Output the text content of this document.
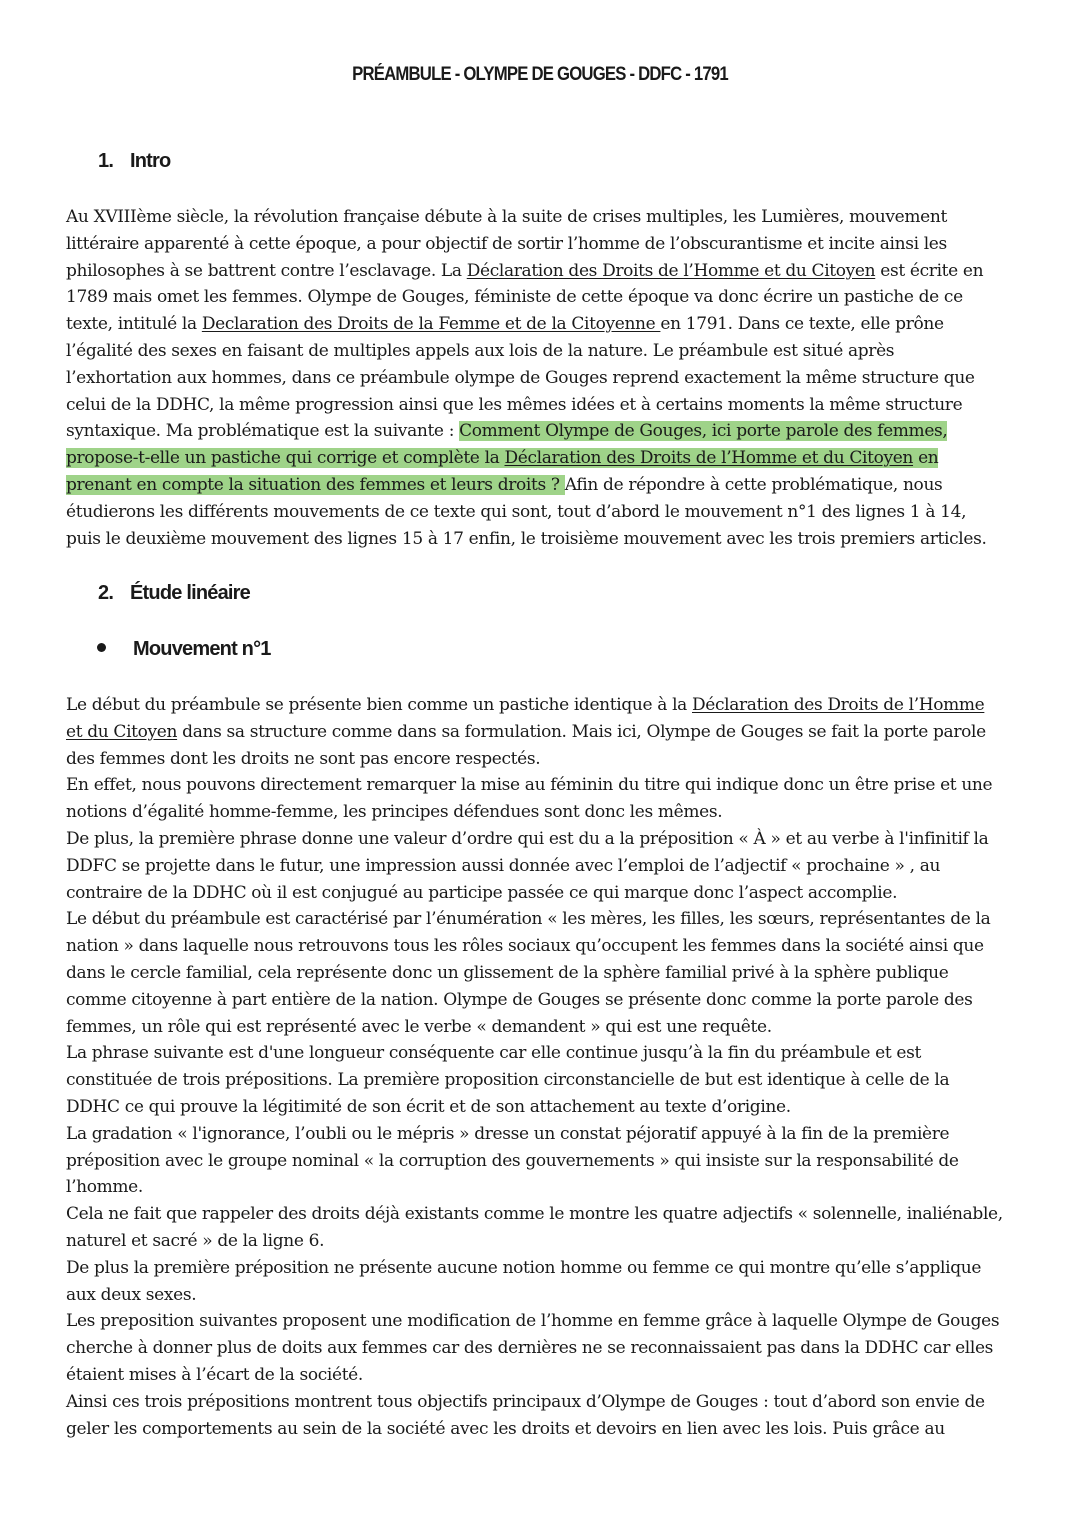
PRÉAMBULE - OLYMPE DE GOUGES - DDFC - 1791
1. Intro
Au XVIIIème siècle, la révolution française débute à la suite de crises multiples, les Lumières, mouvement
littéraire apparenté à cette époque, a pour objectif de sortir l’homme de l’obscurantisme et incite ainsi les
philosophes à se battrent contre l’esclavage. La Déclaration des Droits de l’Homme et du Citoyen est écrite en
1789 mais omet les femmes. Olympe de Gouges, féministe de cette époque va donc écrire un pastiche de ce
texte, intitulé la Declaration des Droits de la Femme et de la Citoyenne en 1791. Dans ce texte, elle prône
l’égalité des sexes en faisant de multiples appels aux lois de la nature. Le préambule est situé après
l’exhortation aux hommes, dans ce préambule olympe de Gouges reprend exactement la même structure que
celui de la DDHC, la même progression ainsi que les mêmes idées et à certains moments la même structure
syntaxique. Ma problématique est la suivante : Comment Olympe de Gouges, ici porte parole des femmes,
propose-t-elle un pastiche qui corrige et complète la Déclaration des Droits de l’Homme et du Citoyen en
prenant en compte la situation des femmes et leurs droits ? Afin de répondre à cette problématique, nous
étudierons les différents mouvements de ce texte qui sont, tout d’abord le mouvement n°1 des lignes 1 à 14,
puis le deuxième mouvement des lignes 15 à 17 enfin, le troisième mouvement avec les trois premiers articles.
2. Étude linéaire
Mouvement n°1
Le début du préambule se présente bien comme un pastiche identique à la Déclaration des Droits de l’Homme
et du Citoyen dans sa structure comme dans sa formulation. Mais ici, Olympe de Gouges se fait la porte parole
des femmes dont les droits ne sont pas encore respectés.
En effet, nous pouvons directement remarquer la mise au féminin du titre qui indique donc un être prise et une
notions d’égalité homme-femme, les principes défendues sont donc les mêmes.
De plus, la première phrase donne une valeur d’ordre qui est du a la préposition « À » et au verbe à l'infinitif la
DDFC se projette dans le futur, une impression aussi donnée avec l’emploi de l’adjectif « prochaine » , au
contraire de la DDHC où il est conjugué au participe passée ce qui marque donc l’aspect accomplie.
Le début du préambule est caractérisé par l’énumération « les mères, les filles, les sœurs, représentantes de la
nation » dans laquelle nous retrouvons tous les rôles sociaux qu’occupent les femmes dans la société ainsi que
dans le cercle familial, cela représente donc un glissement de la sphère familial privé à la sphère publique
comme citoyenne à part entière de la nation. Olympe de Gouges se présente donc comme la porte parole des
femmes, un rôle qui est représenté avec le verbe « demandent » qui est une requête.
La phrase suivante est d'une longueur conséquente car elle continue jusqu’à la fin du préambule et est
constituée de trois prépositions. La première proposition circonstancielle de but est identique à celle de la
DDHC ce qui prouve la légitimité de son écrit et de son attachement au texte d’origine.
La gradation « l'ignorance, l’oubli ou le mépris » dresse un constat péjoratif appuyé à la fin de la première
préposition avec le groupe nominal « la corruption des gouvernements » qui insiste sur la responsabilité de
l’homme.
Cela ne fait que rappeler des droits déjà existants comme le montre les quatre adjectifs « solennelle, inaliénable,
naturel et sacré » de la ligne 6.
De plus la première préposition ne présente aucune notion homme ou femme ce qui montre qu’elle s’applique
aux deux sexes.
Les preposition suivantes proposent une modification de l’homme en femme grâce à laquelle Olympe de Gouges
cherche à donner plus de doits aux femmes car des dernières ne se reconnaissaient pas dans la DDHC car elles
étaient mises à l’écart de la société.
Ainsi ces trois prépositions montrent tous objectifs principaux d’Olympe de Gouges : tout d’abord son envie de
geler les comportements au sein de la société avec les droits et devoirs en lien avec les lois. Puis grâce au
